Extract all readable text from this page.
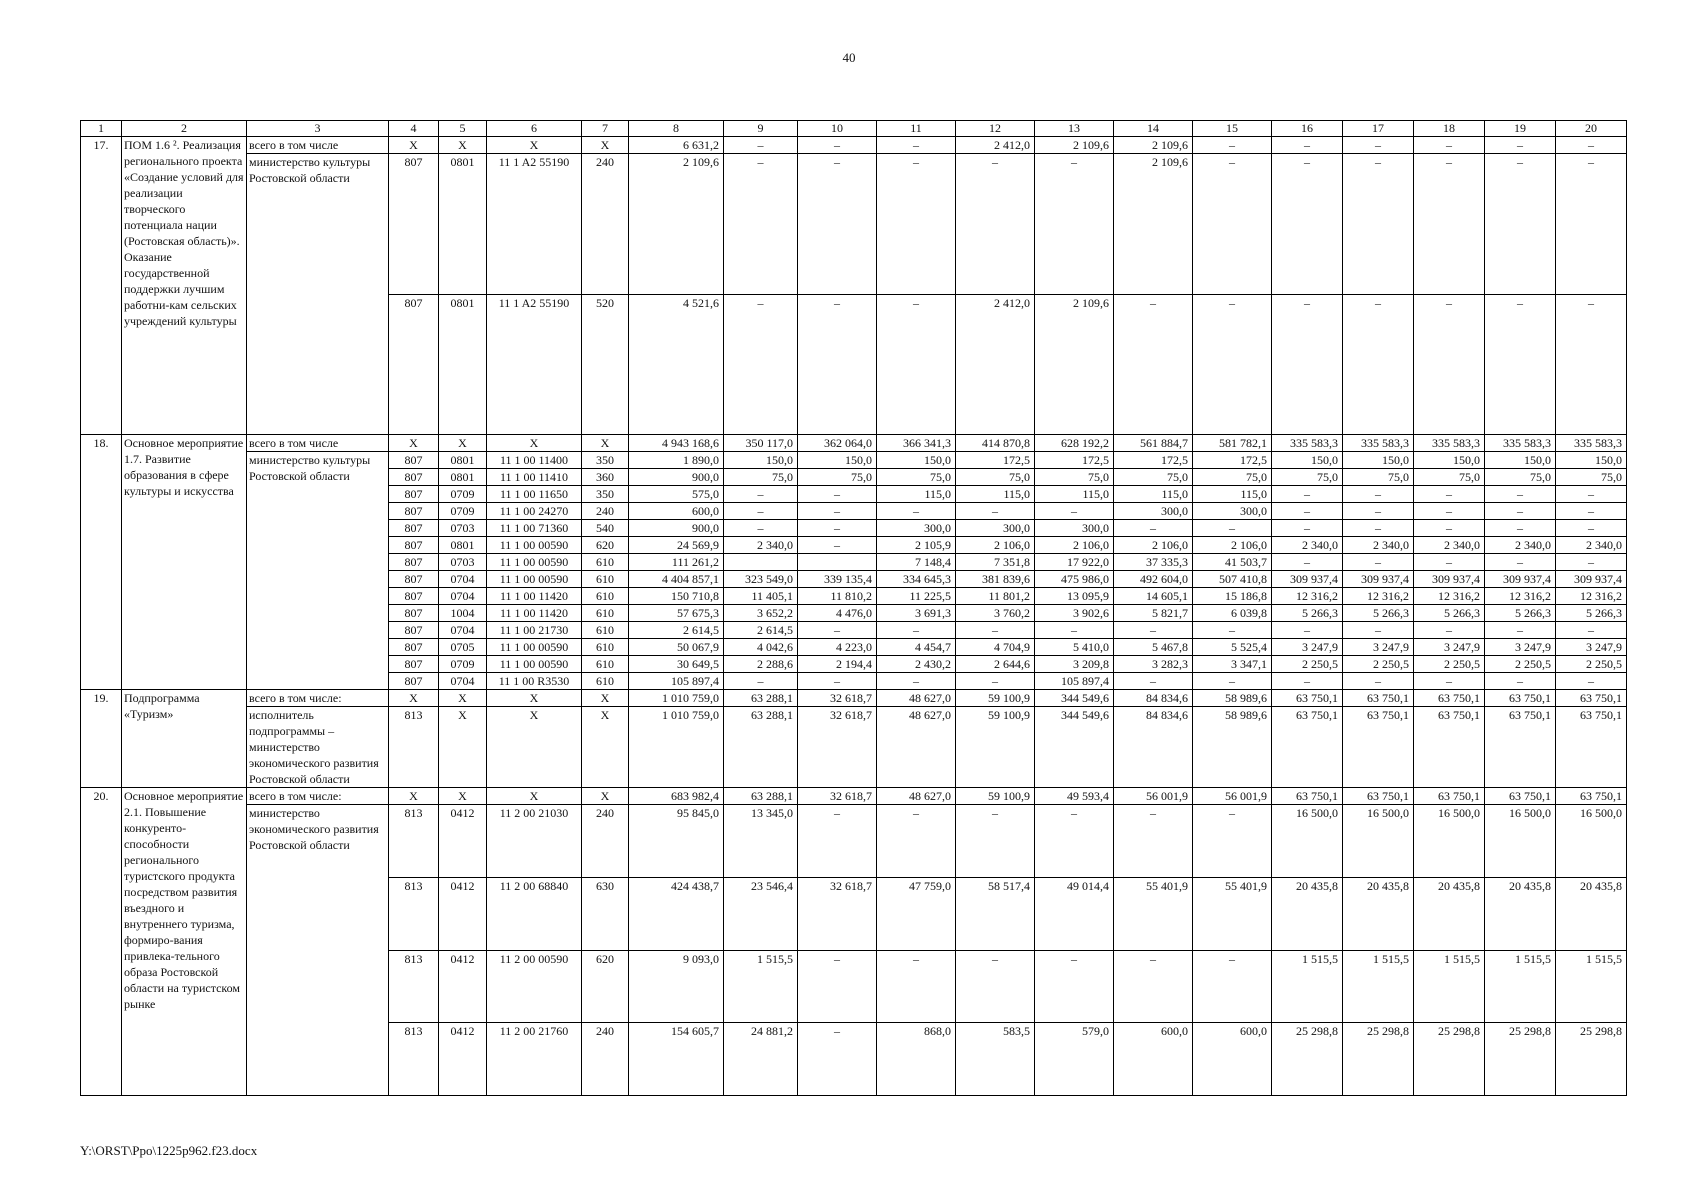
40
1	2	3	4	5	6	7	8	9	10	11	12	13	14	15	16	17	18	19	20
17.	ПОМ 1.6 ². Реализация регионального проекта «Создание условий для реализации творческого потенциала нации (Ростовская область)». Оказание государственной поддержки лучшим работни-кам сельских учреждений культуры	всего в том числе	X	X	X	X	6 631,2	–	–	–	2 412,0	2 109,6	2 109,6	–	–	–	–	–	–
		министерство культуры Ростовской области	807	0801	11 1 A2 55190	240	2 109,6	–	–	–	–	–	2 109,6	–	–	–	–	–	–
			807	0801	11 1 A2 55190	520	4 521,6	–	–	–	2 412,0	2 109,6	–	–	–	–	–	–	–
18.	Основное мероприятие 1.7. Развитие образования в сфере культуры и искусства	всего в том числе	X	X	X	X	4 943 168,6	350 117,0	362 064,0	366 341,3	414 870,8	628 192,2	561 884,7	581 782,1	335 583,3	335 583,3	335 583,3	335 583,3	335 583,3
		министерство культуры Ростовской области	807	0801	11 1 00 11400	350	1 890,0	150,0	150,0	150,0	172,5	172,5	172,5	172,5	150,0	150,0	150,0	150,0	150,0
			807	0801	11 1 00 11410	360	900,0	75,0	75,0	75,0	75,0	75,0	75,0	75,0	75,0	75,0	75,0	75,0	75,0
			807	0709	11 1 00 11650	350	575,0	–	–	115,0	115,0	115,0	115,0	115,0	–	–	–	–	–
			807	0709	11 1 00 24270	240	600,0	–	–	–	–	–	300,0	300,0	–	–	–	–	–
			807	0703	11 1 00 71360	540	900,0	–	–	300,0	300,0	300,0	–	–	–	–	–	–	–
			807	0801	11 1 00 00590	620	24 569,9	2 340,0	–	2 105,9	2 106,0	2 106,0	2 106,0	2 106,0	2 340,0	2 340,0	2 340,0	2 340,0	2 340,0
			807	0703	11 1 00 00590	610	111 261,2			7 148,4	7 351,8	17 922,0	37 335,3	41 503,7	–	–	–	–	–
			807	0704	11 1 00 00590	610	4 404 857,1	323 549,0	339 135,4	334 645,3	381 839,6	475 986,0	492 604,0	507 410,8	309 937,4	309 937,4	309 937,4	309 937,4	309 937,4
			807	0704	11 1 00 11420	610	150 710,8	11 405,1	11 810,2	11 225,5	11 801,2	13 095,9	14 605,1	15 186,8	12 316,2	12 316,2	12 316,2	12 316,2	12 316,2
			807	1004	11 1 00 11420	610	57 675,3	3 652,2	4 476,0	3 691,3	3 760,2	3 902,6	5 821,7	6 039,8	5 266,3	5 266,3	5 266,3	5 266,3	5 266,3
			807	0704	11 1 00 21730	610	2 614,5	2 614,5	–	–	–	–	–	–	–	–	–	–	–
			807	0705	11 1 00 00590	610	50 067,9	4 042,6	4 223,0	4 454,7	4 704,9	5 410,0	5 467,8	5 525,4	3 247,9	3 247,9	3 247,9	3 247,9	3 247,9
			807	0709	11 1 00 00590	610	30 649,5	2 288,6	2 194,4	2 430,2	2 644,6	3 209,8	3 282,3	3 347,1	2 250,5	2 250,5	2 250,5	2 250,5	2 250,5
			807	0704	11 1 00 R3530	610	105 897,4	–	–	–	–	105 897,4	–	–	–	–	–	–	–
19.	Подпрограмма «Туризм»	всего в том числе:	X	X	X	X	1 010 759,0	63 288,1	32 618,7	48 627,0	59 100,9	344 549,6	84 834,6	58 989,6	63 750,1	63 750,1	63 750,1	63 750,1	63 750,1
		исполнитель подпрограммы – министерство экономического развития Ростовской области	813	X	X	X	1 010 759,0	63 288,1	32 618,7	48 627,0	59 100,9	344 549,6	84 834,6	58 989,6	63 750,1	63 750,1	63 750,1	63 750,1	63 750,1
20.	Основное мероприятие 2.1. Повышение конкуренто-способности регионального туристского продукта посредством развития въездного и внутреннего туризма, формиро-вания привлека-тельного образа Ростовской области на туристском рынке	всего в том числе:	X	X	X	X	683 982,4	63 288,1	32 618,7	48 627,0	59 100,9	49 593,4	56 001,9	56 001,9	63 750,1	63 750,1	63 750,1	63 750,1	63 750,1
		министерство экономического развития Ростовской области	813	0412	11 2 00 21030	240	95 845,0	13 345,0	–	–	–	–	–	–	16 500,0	16 500,0	16 500,0	16 500,0	16 500,0
			813	0412	11 2 00 68840	630	424 438,7	23 546,4	32 618,7	47 759,0	58 517,4	49 014,4	55 401,9	55 401,9	20 435,8	20 435,8	20 435,8	20 435,8	20 435,8
			813	0412	11 2 00 00590	620	9 093,0	1 515,5	–	–	–	–	–	–	1 515,5	1 515,5	1 515,5	1 515,5	1 515,5
			813	0412	11 2 00 21760	240	154 605,7	24 881,2	–	868,0	583,5	579,0	600,0	600,0	25 298,8	25 298,8	25 298,8	25 298,8	25 298,8
Y:\ORST\Ppo\1225p962.f23.docx
